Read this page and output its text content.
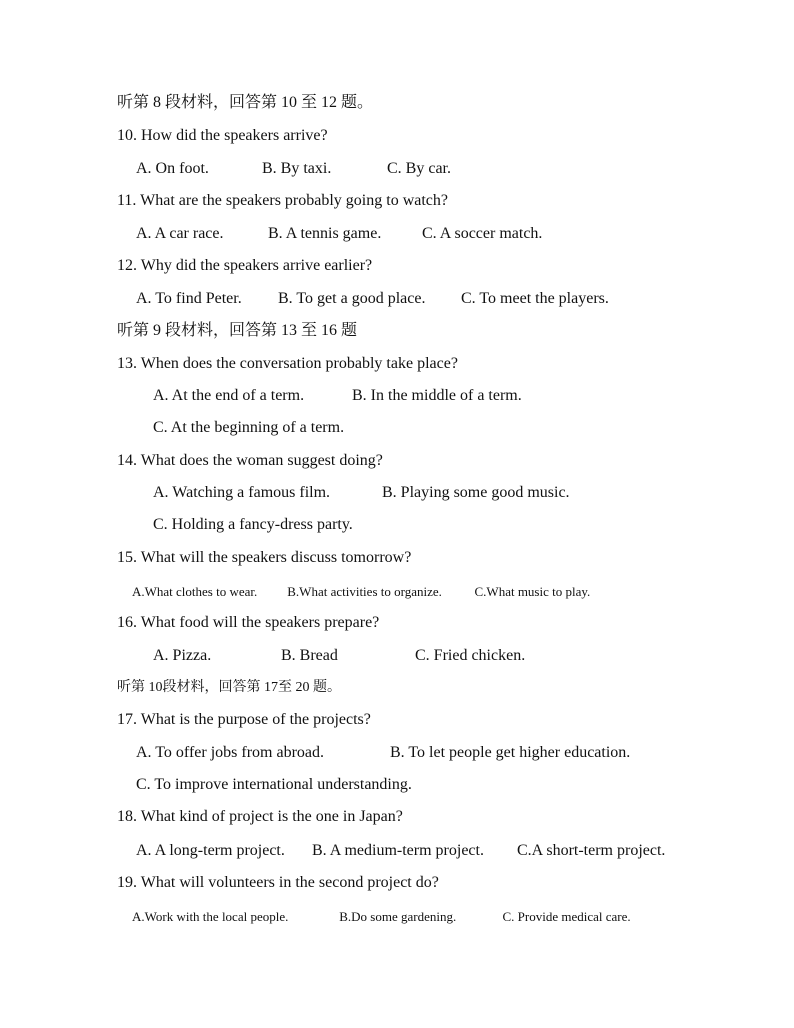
听第 8 段材料，回答第 10 至 12 题。
10. How did the speakers arrive?
A. On foot.	B. By taxi.	C. By car.
11. What are the speakers probably going to watch?
A. A car race.	B. A tennis game.	C. A soccer match.
12. Why did the speakers arrive earlier?
A. To find Peter. B. To get a good place. C. To meet the players.
听第 9 段材料，回答第 13 至 16 题
13. When does the conversation probably take place?
A. At the end of a term.	B. In the middle of a term.
C. At the beginning of a term.
14. What does the woman suggest doing?
A. Watching a famous film.	B. Playing some good music.
C. Holding a fancy-dress party.
15. What will the speakers discuss tomorrow?
A.What clothes to wear. B.What activities to organize.	C.What music to play.
16. What food will the speakers prepare?
A. Pizza.	B. Bread	C. Fried chicken.
听第 10段材料，回答第 17至 20 题。
17. What is the purpose of the projects?
A. To offer jobs from abroad.	B. To let people get higher education.
C. To improve international understanding.
18. What kind of project is the one in Japan?
A. A long-term project. B. A medium-term project. C.A short-term project.
19. What will volunteers in the second project do?
A.Work with the local people.	B.Do some gardening.	C. Provide medical care.
